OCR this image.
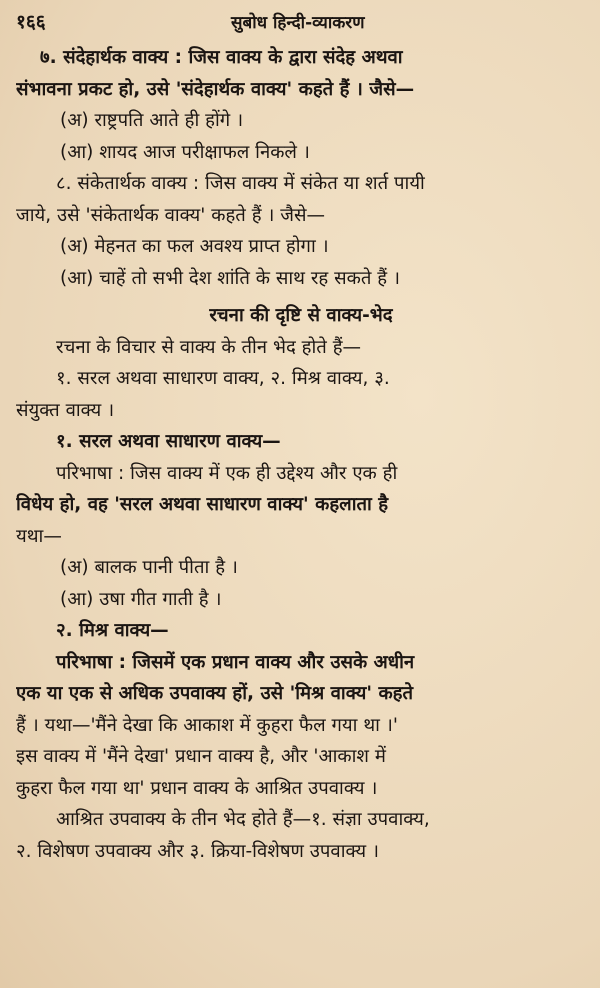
१६६	सुबोध हिन्दी-व्याकरण

७. संदेहार्थक वाक्य : जिस वाक्य के द्वारा संदेह अथवा

संभावना प्रकट हो, उसे 'संदेहार्थक वाक्य' कहते हैं । जैसे—

(अ) राष्ट्रपति आते ही होंगे ।

(आ) शायद आज परीक्षाफल निकले ।

८. संकेतार्थक वाक्य : जिस वाक्य में संकेत या शर्त पायी

जाये, उसे 'संकेतार्थक वाक्य' कहते हैं । जैसे—

(अ) मेहनत का फल अवश्य प्राप्त होगा ।

(आ) चाहें तो सभी देश शांति के साथ रह सकते हैं ।

रचना की दृष्टि से वाक्य-भेद

रचना के विचार से वाक्य के तीन भेद होते हैं—

१. सरल अथवा साधारण वाक्य, २. मिश्र वाक्य, ३.

संयुक्त वाक्य ।

१. सरल अथवा साधारण वाक्य—

परिभाषा : जिस वाक्य में एक ही उद्देश्य और एक ही

विधेय हो, वह 'सरल अथवा साधारण वाक्य' कहलाता है

यथा—

(अ) बालक पानी पीता है ।

(आ) उषा गीत गाती है ।

२. मिश्र वाक्य—

परिभाषा : जिसमें एक प्रधान वाक्य और उसके अधीन

एक या एक से अधिक उपवाक्य हों, उसे 'मिश्र वाक्य' कहते

हैं । यथा—'मैंने देखा कि आकाश में कुहरा फैल गया था ।'

इस वाक्य में 'मैंने देखा' प्रधान वाक्य है, और 'आकाश में

कुहरा फैल गया था' प्रधान वाक्य के आश्रित उपवाक्य ।

आश्रित उपवाक्य के तीन भेद होते हैं—१. संज्ञा उपवाक्य,

२. विशेषण उपवाक्य और ३. क्रिया-विशेषण उपवाक्य ।
